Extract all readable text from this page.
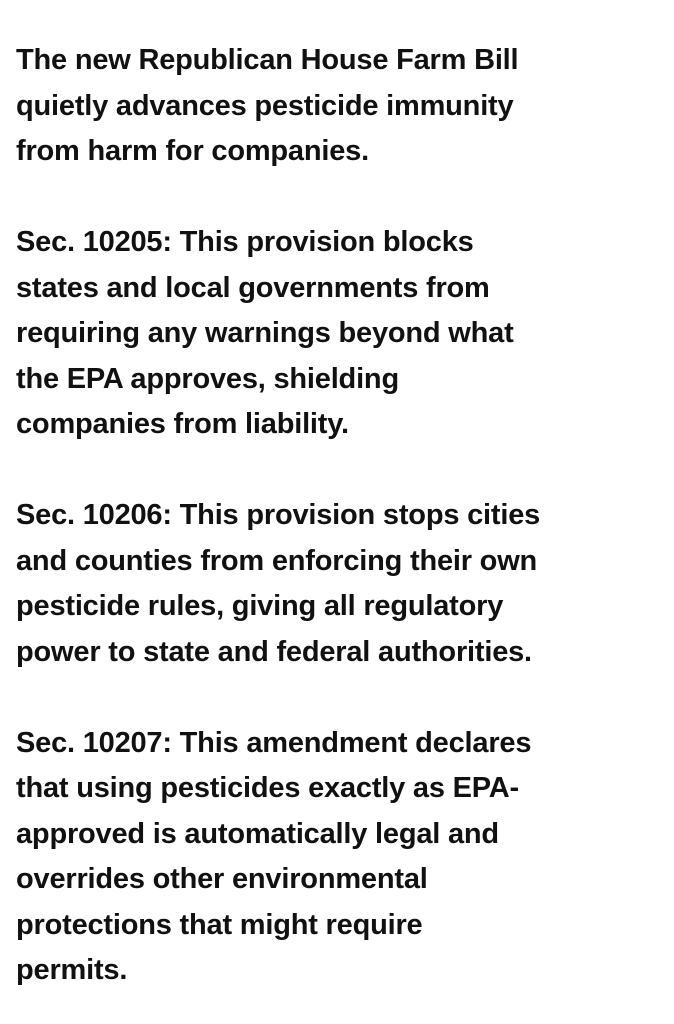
The new Republican House Farm Bill
quietly advances pesticide immunity
from harm for companies.

Sec. 10205: This provision blocks
states and local governments from
requiring any warnings beyond what
the EPA approves, shielding
companies from liability.

Sec. 10206: This provision stops cities
and counties from enforcing their own
pesticide rules, giving all regulatory
power to state and federal authorities.

Sec. 10207: This amendment declares
that using pesticides exactly as EPA-
approved is automatically legal and
overrides other environmental
protections that might require
permits.
